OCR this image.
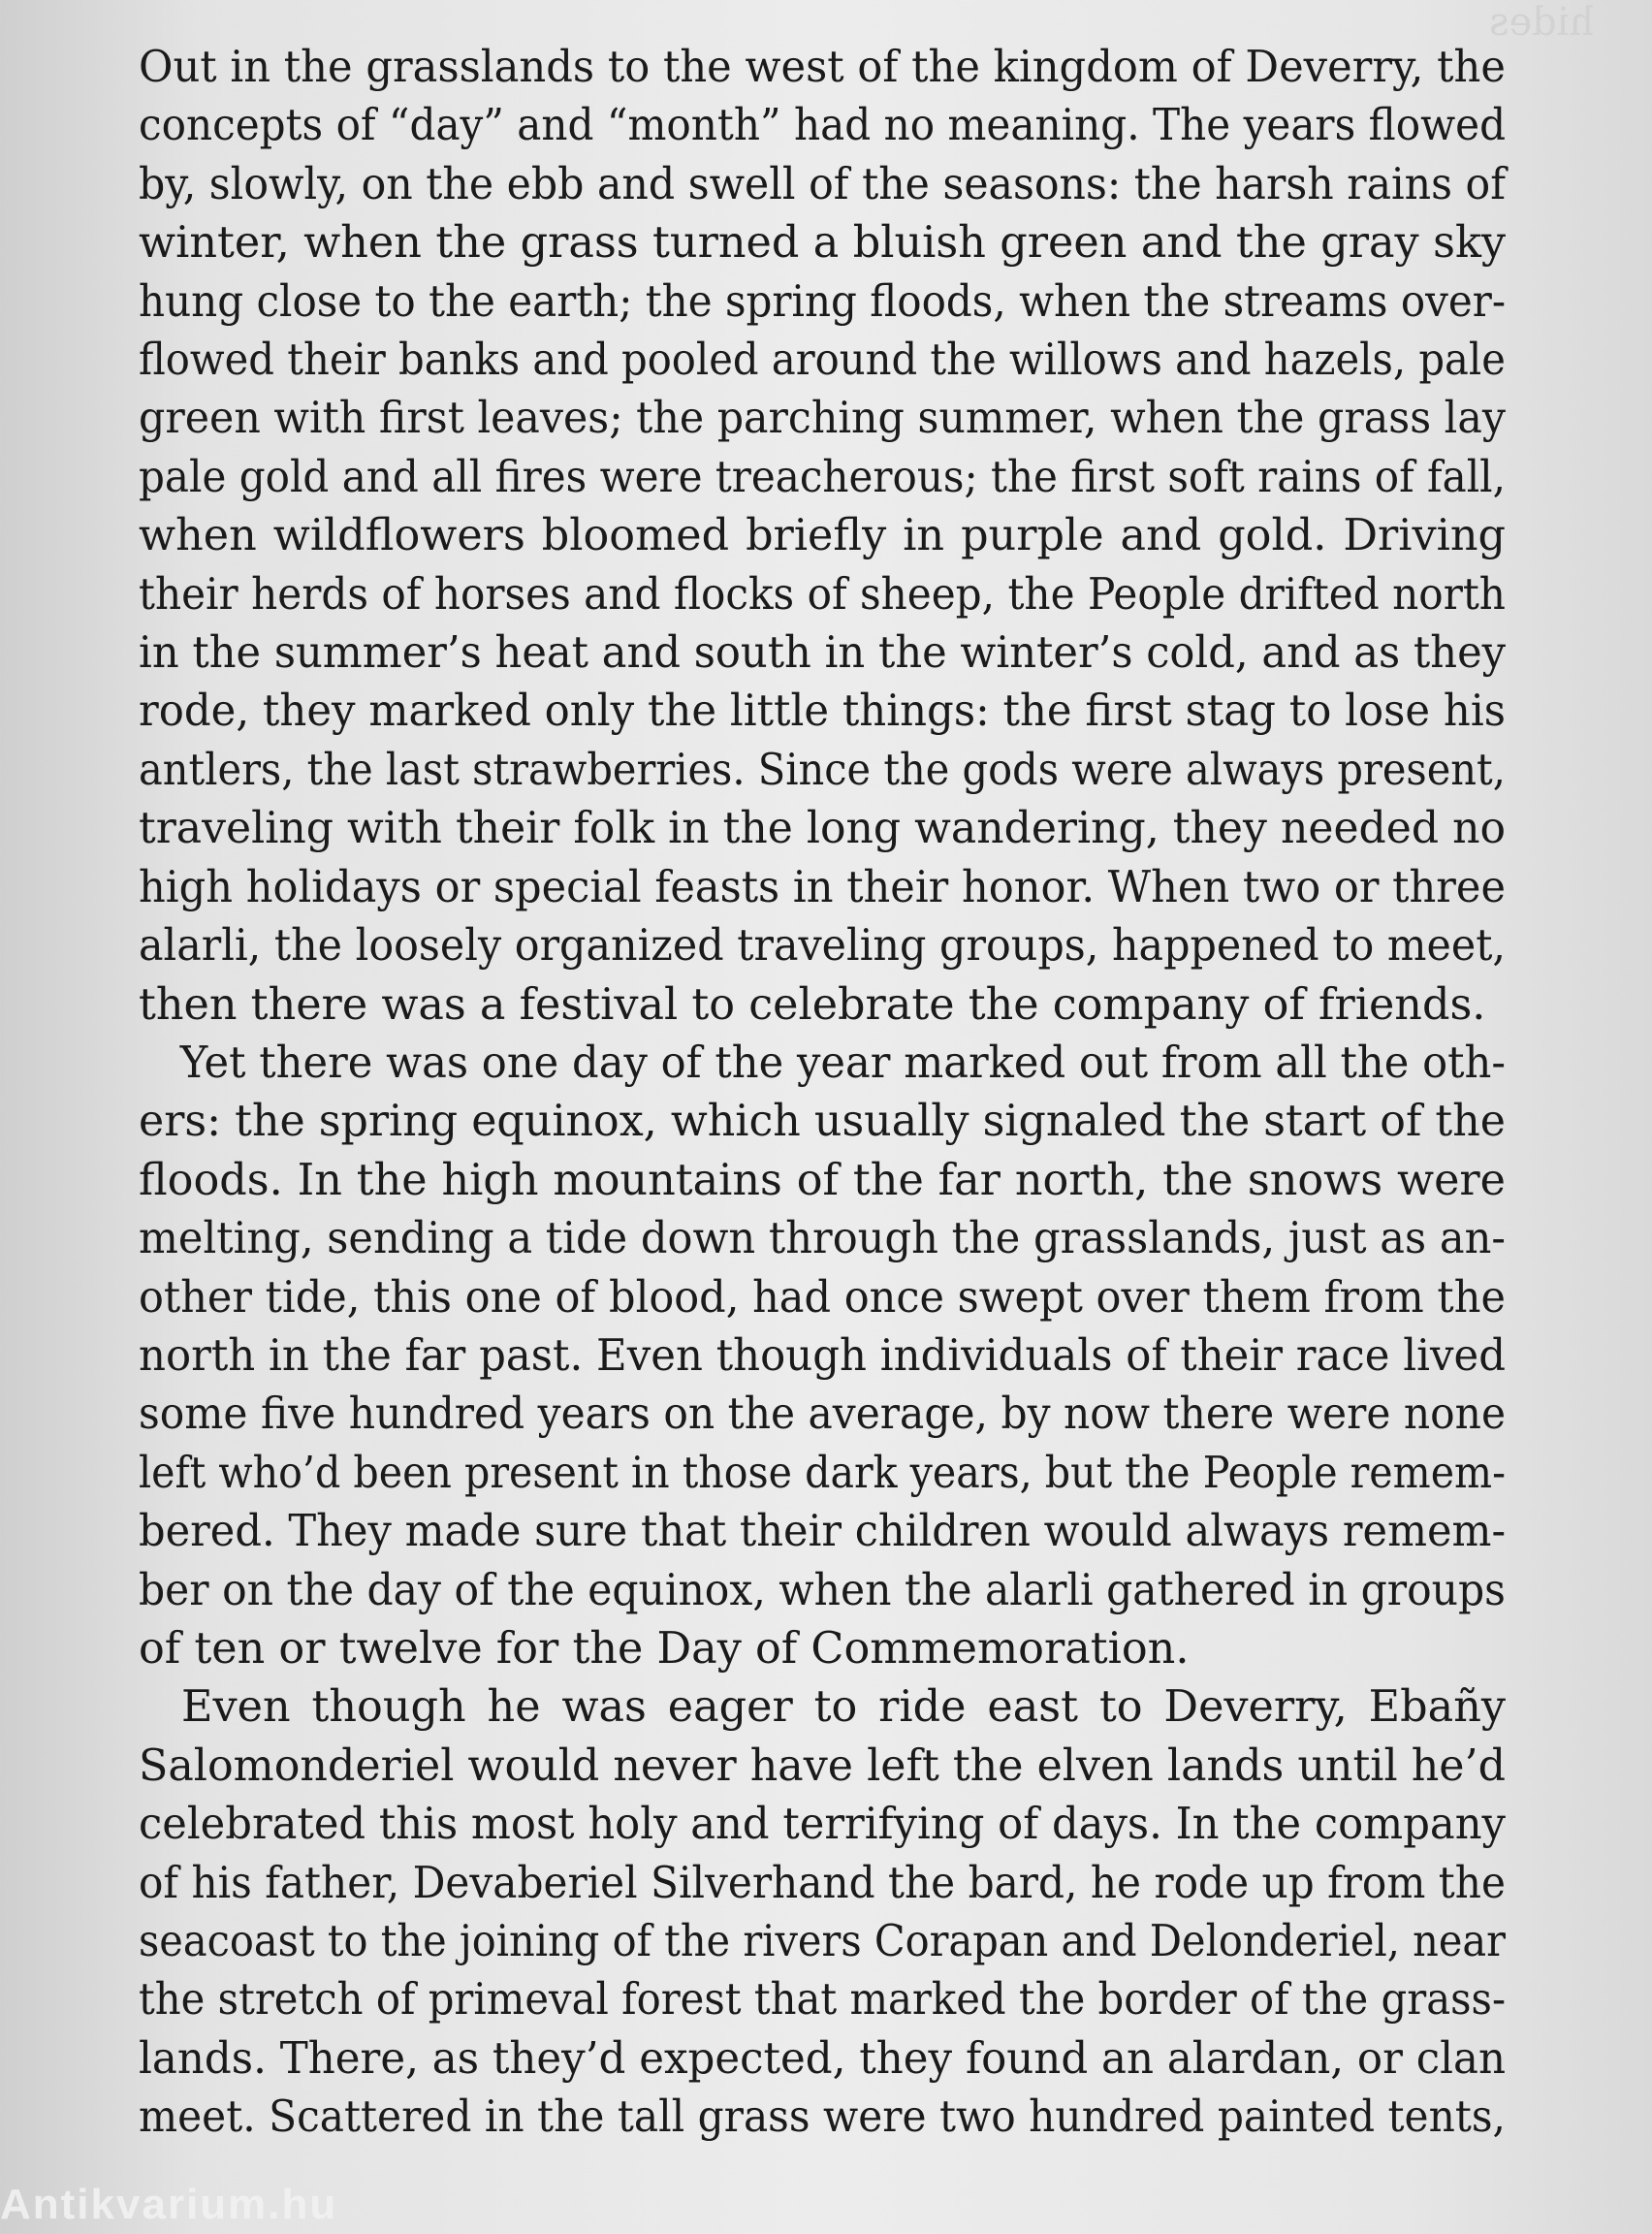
hides
Out in the grasslands to the west of the kingdom of Deverry, the
concepts of “day” and “month” had no meaning. The years flowed
by, slowly, on the ebb and swell of the seasons: the harsh rains of
winter, when the grass turned a bluish green and the gray sky
hung close to the earth; the spring floods, when the streams over-
flowed their banks and pooled around the willows and hazels, pale
green with first leaves; the parching summer, when the grass lay
pale gold and all fires were treacherous; the first soft rains of fall,
when wildflowers bloomed briefly in purple and gold. Driving
their herds of horses and flocks of sheep, the People drifted north
in the summer’s heat and south in the winter’s cold, and as they
rode, they marked only the little things: the first stag to lose his
antlers, the last strawberries. Since the gods were always present,
traveling with their folk in the long wandering, they needed no
high holidays or special feasts in their honor. When two or three
alarli, the loosely organized traveling groups, happened to meet,
then there was a festival to celebrate the company of friends.
Yet there was one day of the year marked out from all the oth-
ers: the spring equinox, which usually signaled the start of the
floods. In the high mountains of the far north, the snows were
melting, sending a tide down through the grasslands, just as an-
other tide, this one of blood, had once swept over them from the
north in the far past. Even though individuals of their race lived
some five hundred years on the average, by now there were none
left who’d been present in those dark years, but the People remem-
bered. They made sure that their children would always remem-
ber on the day of the equinox, when the alarli gathered in groups
of ten or twelve for the Day of Commemoration.
Even though he was eager to ride east to Deverry, Ebañy
Salomonderiel would never have left the elven lands until he’d
celebrated this most holy and terrifying of days. In the company
of his father, Devaberiel Silverhand the bard, he rode up from the
seacoast to the joining of the rivers Corapan and Delonderiel, near
the stretch of primeval forest that marked the border of the grass-
lands. There, as they’d expected, they found an alardan, or clan
meet. Scattered in the tall grass were two hundred painted tents,
Antikvarium.hu
